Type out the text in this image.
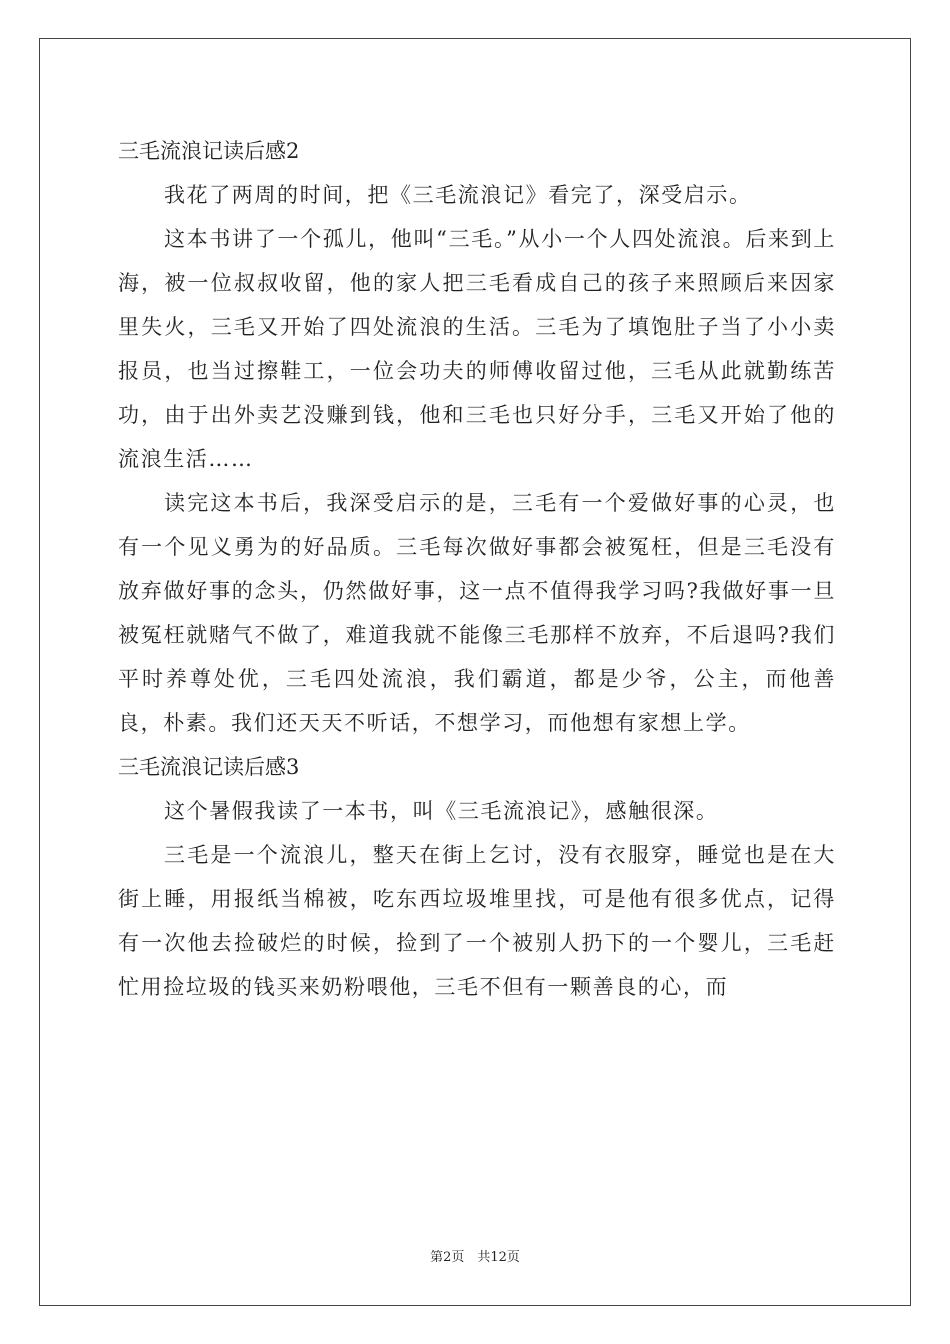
三毛流浪记读后感2

我花了两周的时间，把《三毛流浪记》看完了，深受启示。

这本书讲了一个孤儿，他叫“三毛。”从小一个人四处流浪。后来到上海，被一位叔叔收留，他的家人把三毛看成自己的孩子来照顾后来因家里失火，三毛又开始了四处流浪的生活。三毛为了填饱肚子当了小小卖报员，也当过擦鞋工，一位会功夫的师傅收留过他，三毛从此就勤练苦功，由于出外卖艺没赚到钱，他和三毛也只好分手，三毛又开始了他的流浪生活……

读完这本书后，我深受启示的是，三毛有一个爱做好事的心灵，也有一个见义勇为的好品质。三毛每次做好事都会被冤枉，但是三毛没有放弃做好事的念头，仍然做好事，这一点不值得我学习吗?我做好事一旦被冤枉就赌气不做了，难道我就不能像三毛那样不放弃，不后退吗?我们平时养尊处优，三毛四处流浪，我们霸道，都是少爷，公主，而他善良，朴素。我们还天天不听话，不想学习，而他想有家想上学。

三毛流浪记读后感3

这个暑假我读了一本书，叫《三毛流浪记》，感触很深。

三毛是一个流浪儿，整天在街上乞讨，没有衣服穿，睡觉也是在大街上睡，用报纸当棉被，吃东西垃圾堆里找，可是他有很多优点，记得有一次他去捡破烂的时候，捡到了一个被别人扔下的一个婴儿，三毛赶忙用捡垃圾的钱买来奶粉喂他，三毛不但有一颗善良的心，而

第2页　共12页
